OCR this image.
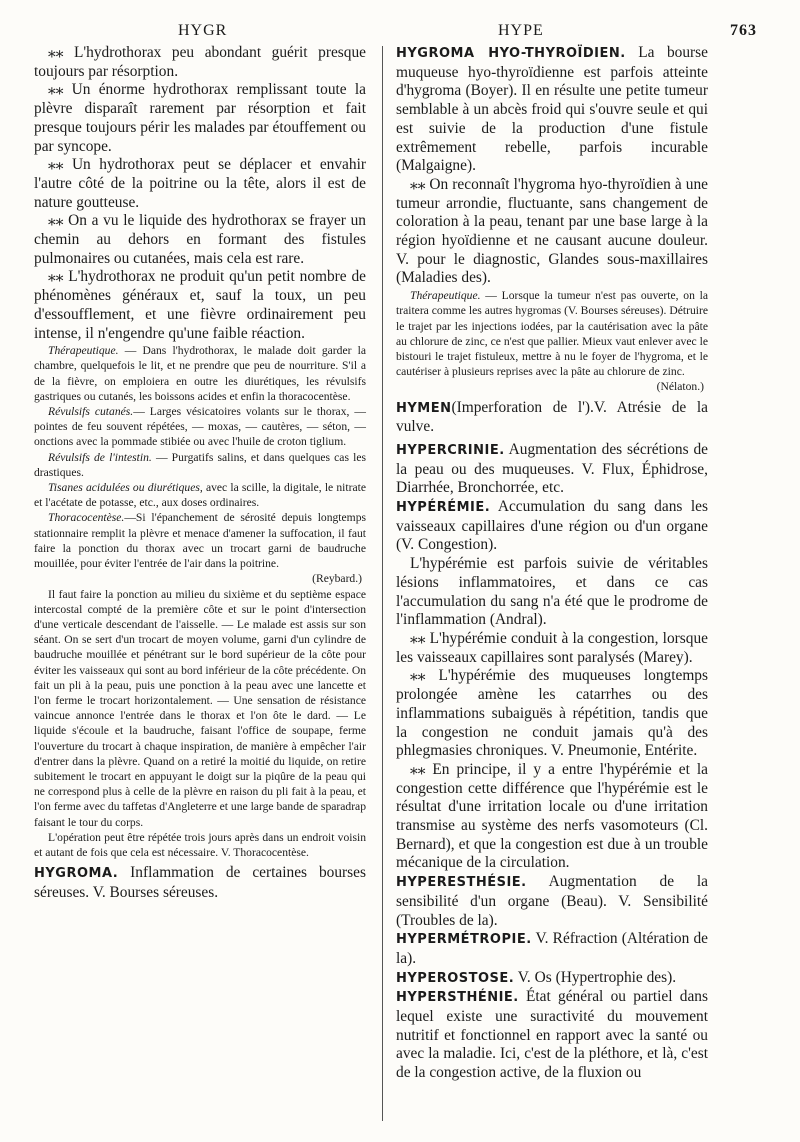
HYGR	HYPE	763

⁎⁎ L'hydrothorax peu abondant guérit presque toujours par résorption.

⁎⁎ Un énorme hydrothorax remplissant toute la plèvre disparaît rarement par résorption et fait presque toujours périr les malades par étouffement ou par syncope.

⁎⁎ Un hydrothorax peut se déplacer et envahir l'autre côté de la poitrine ou la tête, alors il est de nature goutteuse.

⁎⁎ On a vu le liquide des hydrothorax se frayer un chemin au dehors en formant des fistules pulmonaires ou cutanées, mais cela est rare.

⁎⁎ L'hydrothorax ne produit qu'un petit nombre de phénomènes généraux et, sauf la toux, un peu d'essoufflement, et une fièvre ordinairement peu intense, il n'engendre qu'une faible réaction.

Thérapeutique. — Dans l'hydrothorax, le malade doit garder la chambre, quelquefois le lit, et ne prendre que peu de nourriture. S'il a de la fièvre, on emploiera en outre les diurétiques, les révulsifs gastriques ou cutanés, les boissons acides et enfin la thoracocentèse.

Révulsifs cutanés.— Larges vésicatoires volants sur le thorax, — pointes de feu souvent répétées, — moxas, — cautères, — séton, — onctions avec la pommade stibiée ou avec l'huile de croton tiglium.

Révulsifs de l'intestin. — Purgatifs salins, et dans quelques cas les drastiques.

Tisanes acidulées ou diurétiques, avec la scille, la digitale, le nitrate et l'acétate de potasse, etc., aux doses ordinaires.

Thoracocentèse.—Si l'épanchement de sérosité depuis longtemps stationnaire remplit la plèvre et menace d'amener la suffocation, il faut faire la ponction du thorax avec un trocart garni de baudruche mouillée, pour éviter l'entrée de l'air dans la poitrine.

(Reybard.)

Il faut faire la ponction au milieu du sixième et du septième espace intercostal compté de la première côte et sur le point d'intersection d'une verticale descendant de l'aisselle. — Le malade est assis sur son séant. On se sert d'un trocart de moyen volume, garni d'un cylindre de baudruche mouillée et pénétrant sur le bord supérieur de la côte pour éviter les vaisseaux qui sont au bord inférieur de la côte précédente. On fait un pli à la peau, puis une ponction à la peau avec une lancette et l'on ferme le trocart horizontalement. — Une sensation de résistance vaincue annonce l'entrée dans le thorax et l'on ôte le dard. — Le liquide s'écoule et la baudruche, faisant l'office de soupape, ferme l'ouverture du trocart à chaque inspiration, de manière à empêcher l'air d'entrer dans la plèvre. Quand on a retiré la moitié du liquide, on retire subitement le trocart en appuyant le doigt sur la piqûre de la peau qui ne correspond plus à celle de la plèvre en raison du pli fait à la peau, et l'on ferme avec du taffetas d'Angleterre et une large bande de sparadrap faisant le tour du corps.

L'opération peut être répétée trois jours après dans un endroit voisin et autant de fois que cela est nécessaire. V. Thoracocentèse.

HYGROMA. Inflammation de certaines bourses séreuses. V. Bourses séreuses.

HYGROMA HYO-THYROÏDIEN. La bourse muqueuse hyo-thyroïdienne est parfois atteinte d'hygroma (Boyer). Il en résulte une petite tumeur semblable à un abcès froid qui s'ouvre seule et qui est suivie de la production d'une fistule extrêmement rebelle, parfois incurable (Malgaigne).

⁎⁎ On reconnaît l'hygroma hyo-thyroïdien à une tumeur arrondie, fluctuante, sans changement de coloration à la peau, tenant par une base large à la région hyoïdienne et ne causant aucune douleur. V. pour le diagnostic, Glandes sous-maxillaires (Maladies des).

Thérapeutique. — Lorsque la tumeur n'est pas ouverte, on la traitera comme les autres hygromas (V. Bourses séreuses). Détruire le trajet par les injections iodées, par la cautérisation avec la pâte au chlorure de zinc, ce n'est que pallier. Mieux vaut enlever avec le bistouri le trajet fistuleux, mettre à nu le foyer de l'hygroma, et le cautériser à plusieurs reprises avec la pâte au chlorure de zinc.

(Nélaton.)

HYMEN(Imperforation de l').V. Atrésie de la vulve.

HYPERCRINIE. Augmentation des sécrétions de la peau ou des muqueuses. V. Flux, Éphidrose, Diarrhée, Bronchorrée, etc.

HYPÉRÉMIE. Accumulation du sang dans les vaisseaux capillaires d'une région ou d'un organe (V. Congestion).

L'hypérémie est parfois suivie de véritables lésions inflammatoires, et dans ce cas l'accumulation du sang n'a été que le prodrome de l'inflammation (Andral).

⁎⁎ L'hypérémie conduit à la congestion, lorsque les vaisseaux capillaires sont paralysés (Marey).

⁎⁎ L'hypérémie des muqueuses longtemps prolongée amène les catarrhes ou des inflammations subaiguës à répétition, tandis que la congestion ne conduit jamais qu'à des phlegmasies chroniques. V. Pneumonie, Entérite.

⁎⁎ En principe, il y a entre l'hypérémie et la congestion cette différence que l'hypérémie est le résultat d'une irritation locale ou d'une irritation transmise au système des nerfs vasomoteurs (Cl. Bernard), et que la congestion est due à un trouble mécanique de la circulation.

HYPERESTHÉSIE. Augmentation de la sensibilité d'un organe (Beau). V. Sensibilité (Troubles de la).

HYPERMÉTROPIE. V. Réfraction (Altération de la).

HYPEROSTOSE. V. Os (Hypertrophie des).

HYPERSTHÉNIE. État général ou partiel dans lequel existe une suractivité du mouvement nutritif et fonctionnel en rapport avec la santé ou avec la maladie. Ici, c'est de la pléthore, et là, c'est de la congestion active, de la fluxion ou
